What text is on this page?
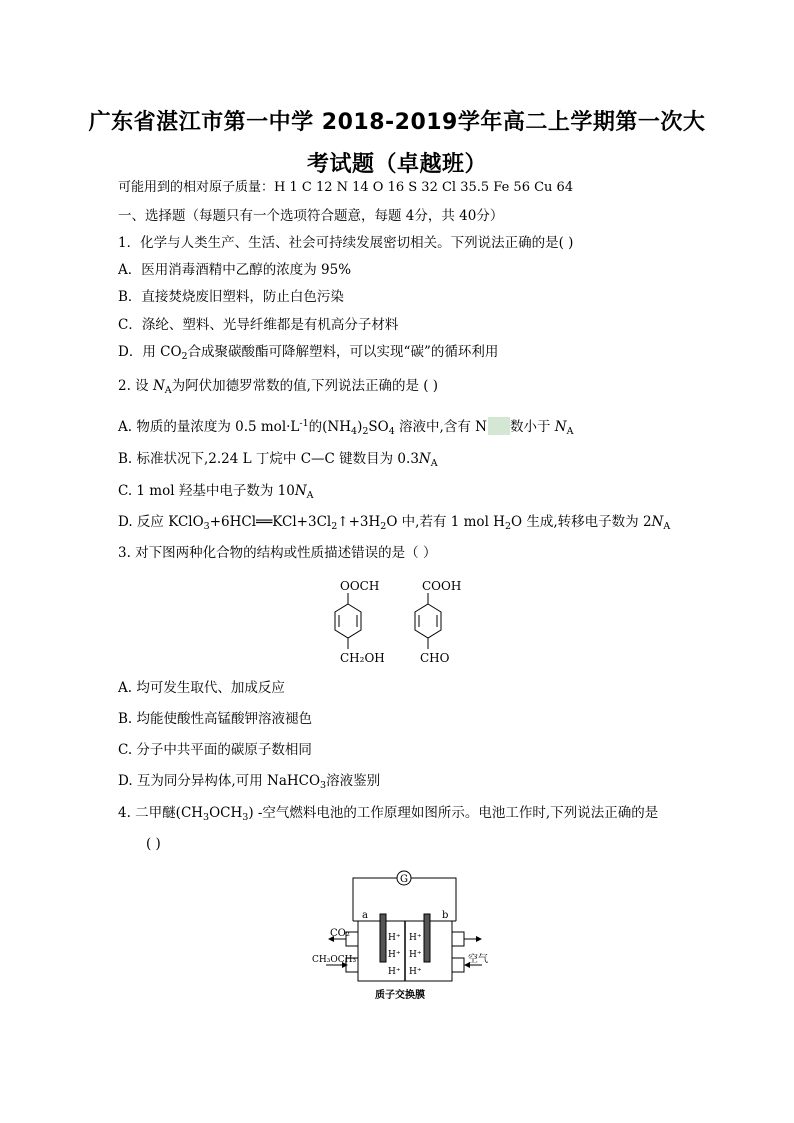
广东省湛江市第一中学 2018-2019学年高二上学期第一次大
考试题（卓越班）
可能用到的相对原子质量：H 1 C 12 N 14 O 16 S 32 Cl 35.5 Fe 56 Cu 64
一、选择题（每题只有一个选项符合题意，每题 4分，共 40分）
1．化学与人类生产、生活、社会可持续发展密切相关。下列说法正确的是( )
A．医用消毒酒精中乙醇的浓度为 95%
B．直接焚烧废旧塑料，防止白色污染
C．涤纶、塑料、光导纤维都是有机高分子材料
D．用 $CO_2$合成聚碳酸酯可降解塑料，可以实现“碳”的循环利用
2. 设 $N_A$为阿伏加德罗常数的值,下列说法正确的是 ( )
A. 物质的量浓度为 0.5 $mol\cdot L^{-1}$的$(NH_4)_2SO_4$ 溶液中,含有 N 数小于 $N_A$
B. 标准状况下,2.24 L 丁烷中 C—C 键数目为 $0.3N_A$
C. 1 mol 羟基中电子数为 $10N_A$
D. 反应 $KClO_3+6HCl══KCl+3Cl_2↑+3H_2O$ 中,若有 1 mol $H_2O$ 生成,转移电子数为 $2N_A$
3. 对下图两种化合物的结构或性质描述错误的是（ ）
OOCH
CH₂OH
COOH
CHO
A. 均可发生取代、加成反应
B. 均能使酸性高锰酸钾溶液褪色
C. 分子中共平面的碳原子数相同
D. 互为同分异构体,可用 NaHCO$_3$溶液鉴别
4. 二甲醚$(CH_3OCH_3)$ -空气燃料电池的工作原理如图所示。电池工作时,下列说法正确的是
( )
G
a	b
H⁺
H⁺
H⁺
H⁺
H⁺
H⁺
CO₂
CH₃OCH₃	空气
质子交换膜
